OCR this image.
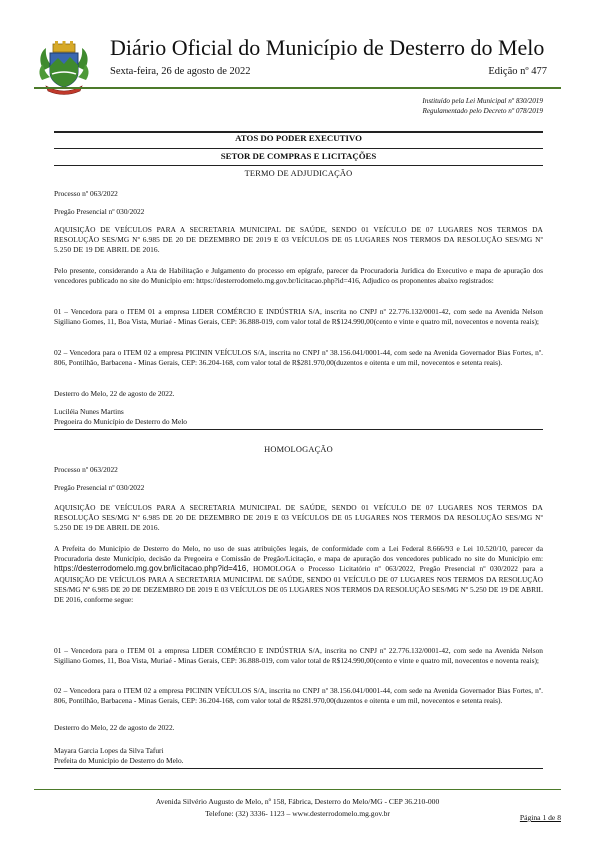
Diário Oficial do Município de Desterro do Melo
Sexta-feira, 26 de agosto de 2022	Edição nº 477
Instituído pela Lei Municipal nº 830/2019
Regulamentado pelo Decreto nº 078/2019
ATOS DO PODER EXECUTIVO
SETOR DE COMPRAS E LICITAÇÕES
TERMO DE ADJUDICAÇÃO
Processo nº 063/2022
Pregão Presencial nº 030/2022
AQUISIÇÃO DE VEÍCULOS PARA A SECRETARIA MUNICIPAL DE SAÚDE, SENDO 01 VEÍCULO DE 07 LUGARES NOS TERMOS DA RESOLUÇÃO SES/MG Nº 6.985 DE 20 DE DEZEMBRO DE 2019 E 03 VEÍCULOS DE 05 LUGARES NOS TERMOS DA RESOLUÇÃO SES/MG Nº 5.250 DE 19 DE ABRIL DE 2016.
Pelo presente, considerando a Ata de Habilitação e Julgamento do processo em epígrafe, parecer da Procuradoria Jurídica do Executivo e mapa de apuração dos vencedores publicado no site do Município em: https://desterrodomelo.mg.gov.br/licitacao.php?id=416, Adjudico os proponentes abaixo registrados:
01 – Vencedora para o ITEM 01 a empresa LIDER COMÉRCIO E INDÚSTRIA S/A, inscrita no CNPJ nº 22.776.132/0001-42, com sede na Avenida Nelson Sigiliano Gomes, 11, Boa Vista, Muriaé - Minas Gerais, CEP: 36.888-019, com valor total de R$124.990,00(cento e vinte e quatro mil, novecentos e noventa reais);
02 – Vencedora para o ITEM 02 a empresa PICININ VEÍCULOS S/A, inscrita no CNPJ nº 38.156.041/0001-44, com sede na Avenida Governador Bias Fortes, nº. 806, Pontilhão, Barbacena - Minas Gerais, CEP: 36.204-168, com valor total de R$281.970,00(duzentos e oitenta e um mil, novecentos e setenta reais).
Desterro do Melo, 22 de agosto de 2022.
Luciléia Nunes Martins
Pregoeira do Município de Desterro do Melo
HOMOLOGAÇÃO
Processo nº 063/2022
Pregão Presencial nº 030/2022
AQUISIÇÃO DE VEÍCULOS PARA A SECRETARIA MUNICIPAL DE SAÚDE, SENDO 01 VEÍCULO DE 07 LUGARES NOS TERMOS DA RESOLUÇÃO SES/MG Nº 6.985 DE 20 DE DEZEMBRO DE 2019 E 03 VEÍCULOS DE 05 LUGARES NOS TERMOS DA RESOLUÇÃO SES/MG Nº 5.250 DE 19 DE ABRIL DE 2016.
A Prefeita do Município de Desterro do Melo, no uso de suas atribuições legais, de conformidade com a Lei Federal 8.666/93 e Lei 10.520/10, parecer da Procuradoria deste Município, decisão da Pregoeira e Comissão de Pregão/Licitação, e mapa de apuração dos vencedores publicado no site do Município em: https://desterrodomelo.mg.gov.br/licitacao.php?id=416, HOMOLOGA o Processo Licitatório nº 063/2022, Pregão Presencial nº 030/2022 para a AQUISIÇÃO DE VEÍCULOS PARA A SECRETARIA MUNICIPAL DE SAÚDE, SENDO 01 VEÍCULO DE 07 LUGARES NOS TERMOS DA RESOLUÇÃO SES/MG Nº 6.985 DE 20 DE DEZEMBRO DE 2019 E 03 VEÍCULOS DE 05 LUGARES NOS TERMOS DA RESOLUÇÃO SES/MG Nº 5.250 DE 19 DE ABRIL DE 2016, conforme segue:
01 – Vencedora para o ITEM 01 a empresa LIDER COMÉRCIO E INDÚSTRIA S/A, inscrita no CNPJ nº 22.776.132/0001-42, com sede na Avenida Nelson Sigiliano Gomes, 11, Boa Vista, Muriaé - Minas Gerais, CEP: 36.888-019, com valor total de R$124.990,00(cento e vinte e quatro mil, novecentos e noventa reais);
02 – Vencedora para o ITEM 02 a empresa PICININ VEÍCULOS S/A, inscrita no CNPJ nº 38.156.041/0001-44, com sede na Avenida Governador Bias Fortes, nº. 806, Pontilhão, Barbacena - Minas Gerais, CEP: 36.204-168, com valor total de R$281.970,00(duzentos e oitenta e um mil, novecentos e setenta reais).
Desterro do Melo, 22 de agosto de 2022.
Mayara Garcia Lopes da Silva Tafuri
Prefeita do Município de Desterro do Melo.
Avenida Silvério Augusto de Melo, nº 158, Fábrica, Desterro do Melo/MG - CEP 36.210-000
Telefone: (32) 3336- 1123 – www.desterrodomelo.mg.gov.br	Página 1 de 8
